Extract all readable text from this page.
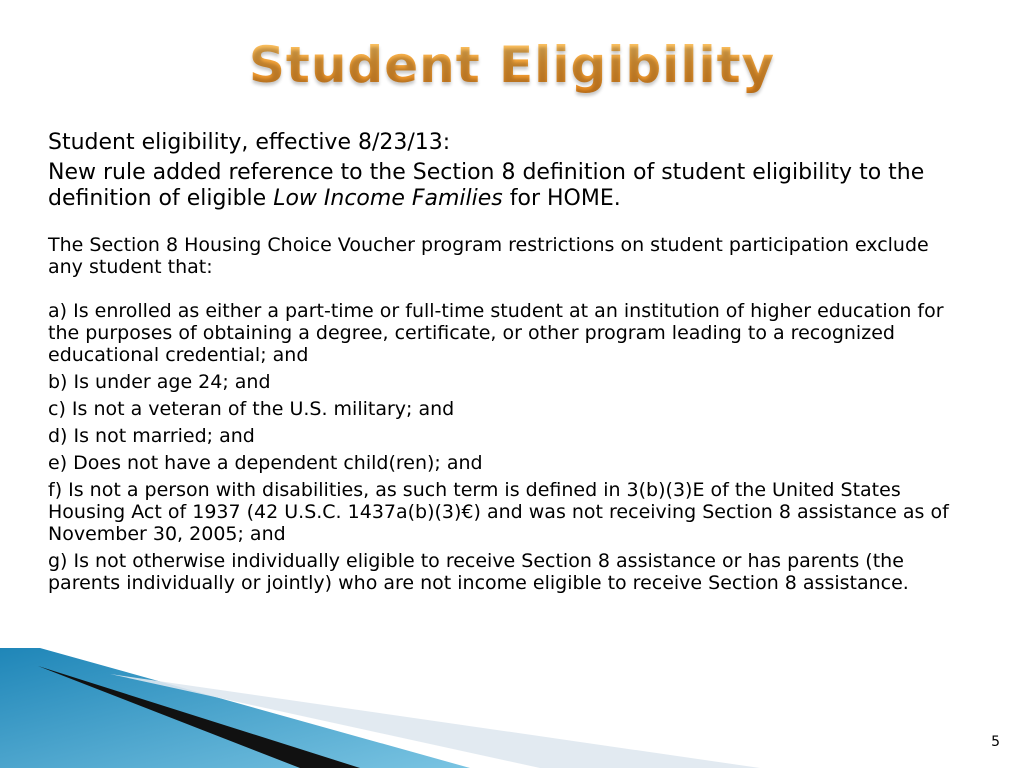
Student Eligibility

Student eligibility, effective 8/23/13:

New rule added reference to the Section 8 definition of student eligibility to the definition of eligible Low Income Families for HOME.

The Section 8 Housing Choice Voucher program restrictions on student participation exclude any student that:

a) Is enrolled as either a part-time or full-time student at an institution of higher education for the purposes of obtaining a degree, certificate, or other program leading to a recognized educational credential; and

b) Is under age 24; and

c) Is not a veteran of the U.S. military; and

d) Is not married; and

e) Does not have a dependent child(ren); and

f) Is not a person with disabilities, as such term is defined in 3(b)(3)E of the United States Housing Act of 1937 (42 U.S.C. 1437a(b)(3)€) and was not receiving Section 8 assistance as of November 30, 2005; and

g) Is not otherwise individually eligible to receive Section 8 assistance or has parents (the parents individually or jointly) who are not income eligible to receive Section 8 assistance.

5
